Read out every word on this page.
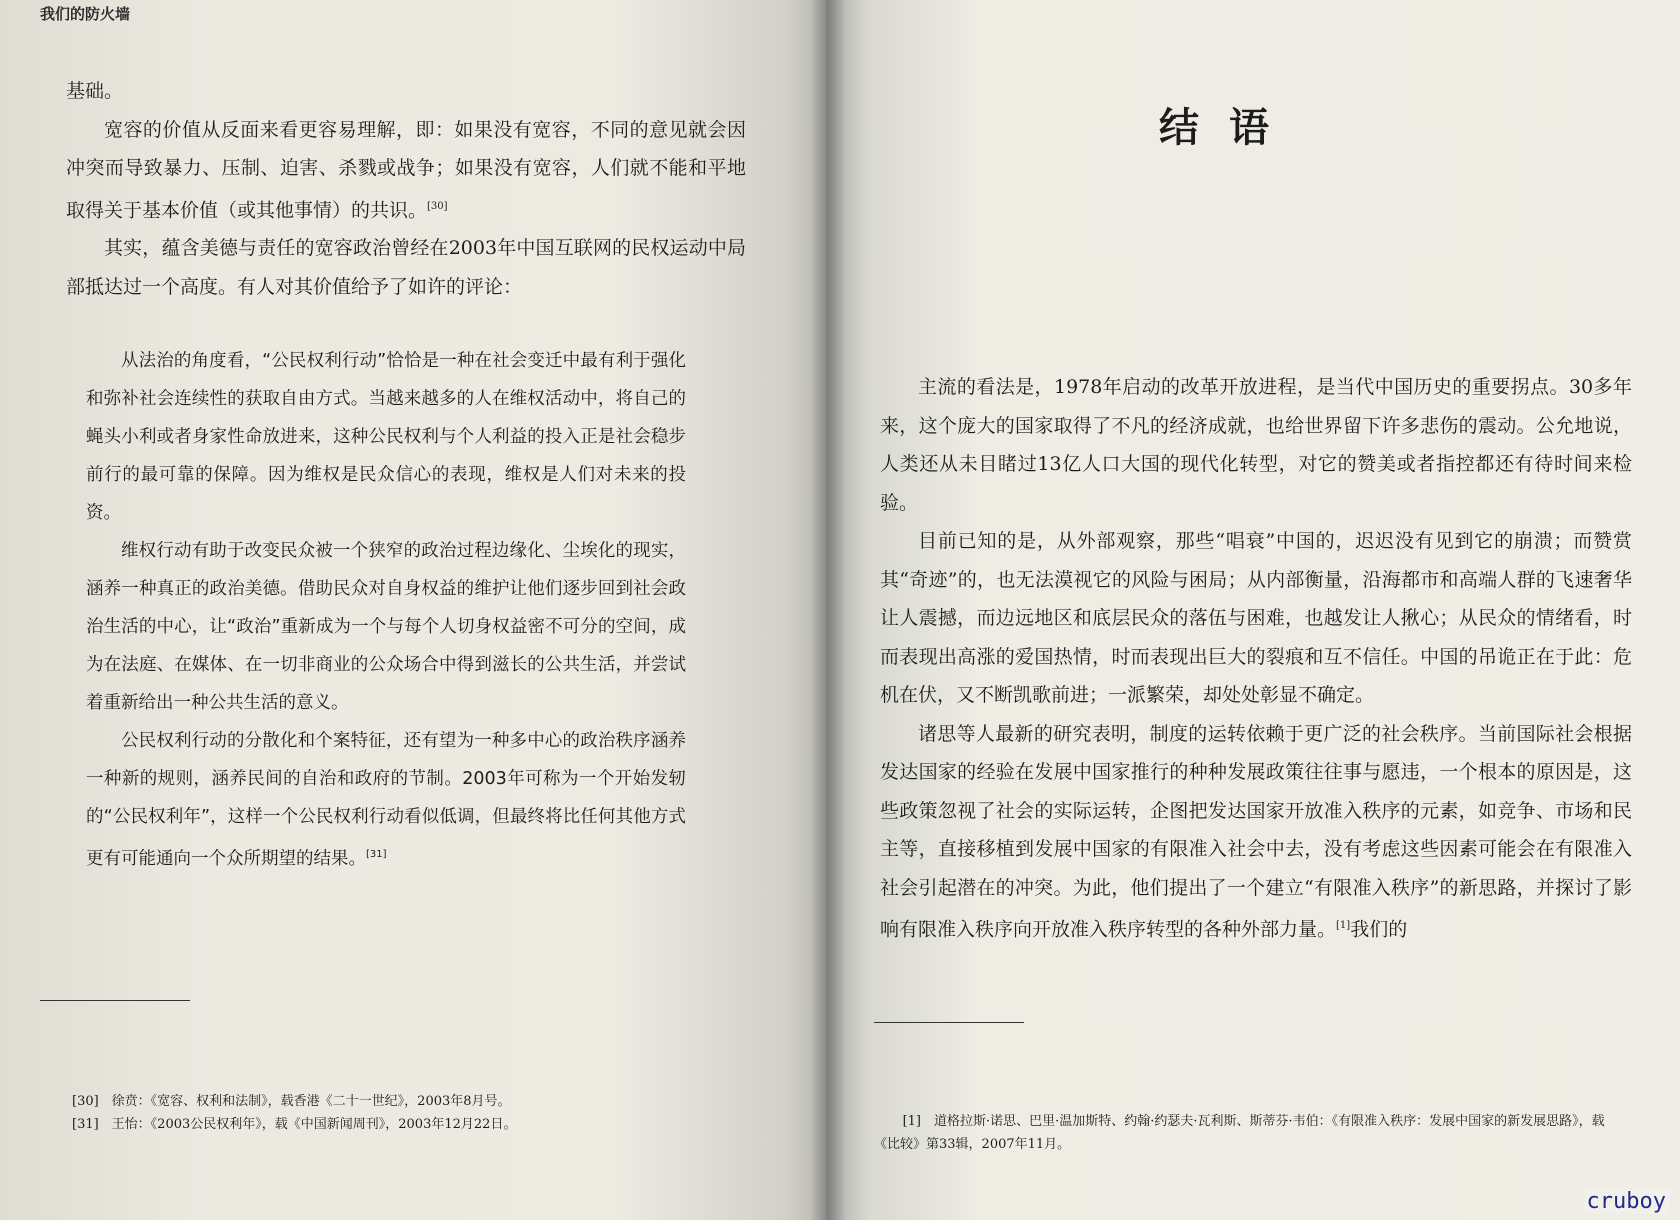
我们的防火墙

基础。

宽容的价值从反面来看更容易理解，即：如果没有宽容，不同的意见就会因冲突而导致暴力、压制、迫害、杀戮或战争；如果没有宽容，人们就不能和平地取得关于基本价值（或其他事情）的共识。[30]

其实，蕴含美德与责任的宽容政治曾经在2003年中国互联网的民权运动中局部抵达过一个高度。有人对其价值给予了如许的评论：

从法治的角度看，“公民权利行动”恰恰是一种在社会变迁中最有利于强化和弥补社会连续性的获取自由方式。当越来越多的人在维权活动中，将自己的蝇头小利或者身家性命放进来，这种公民权利与个人利益的投入正是社会稳步前行的最可靠的保障。因为维权是民众信心的表现，维权是人们对未来的投资。

维权行动有助于改变民众被一个狭窄的政治过程边缘化、尘埃化的现实，涵养一种真正的政治美德。借助民众对自身权益的维护让他们逐步回到社会政治生活的中心，让“政治”重新成为一个与每个人切身权益密不可分的空间，成为在法庭、在媒体、在一切非商业的公众场合中得到滋长的公共生活，并尝试着重新给出一种公共生活的意义。

公民权利行动的分散化和个案特征，还有望为一种多中心的政治秩序涵养一种新的规则，涵养民间的自治和政府的节制。2003年可称为一个开始发轫的“公民权利年”，这样一个公民权利行动看似低调，但最终将比任何其他方式更有可能通向一个众所期望的结果。[31]

[30]　徐贲：《宽容、权利和法制》，载香港《二十一世纪》，2003年8月号。

[31]　王怡：《2003公民权利年》，载《中国新闻周刊》，2003年12月22日。

结语

主流的看法是，1978年启动的改革开放进程，是当代中国历史的重要拐点。30多年来，这个庞大的国家取得了不凡的经济成就，也给世界留下许多悲伤的震动。公允地说，人类还从未目睹过13亿人口大国的现代化转型，对它的赞美或者指控都还有待时间来检验。

目前已知的是，从外部观察，那些“唱衰”中国的，迟迟没有见到它的崩溃；而赞赏其“奇迹”的，也无法漠视它的风险与困局；从内部衡量，沿海都市和高端人群的飞速奢华让人震撼，而边远地区和底层民众的落伍与困难，也越发让人揪心；从民众的情绪看，时而表现出高涨的爱国热情，时而表现出巨大的裂痕和互不信任。中国的吊诡正在于此：危机在伏，又不断凯歌前进；一派繁荣，却处处彰显不确定。

诸思等人最新的研究表明，制度的运转依赖于更广泛的社会秩序。当前国际社会根据发达国家的经验在发展中国家推行的种种发展政策往往事与愿违，一个根本的原因是，这些政策忽视了社会的实际运转，企图把发达国家开放准入秩序的元素，如竞争、市场和民主等，直接移植到发展中国家的有限准入社会中去，没有考虑这些因素可能会在有限准入社会引起潜在的冲突。为此，他们提出了一个建立“有限准入秩序”的新思路，并探讨了影响有限准入秩序向开放准入秩序转型的各种外部力量。[1]我们的

[1]　道格拉斯·诺思、巴里·温加斯特、约翰·约瑟夫·瓦利斯、斯蒂芬·韦伯：《有限准入秩序：发展中国家的新发展思路》，载《比较》第33辑，2007年11月。
cruboy
